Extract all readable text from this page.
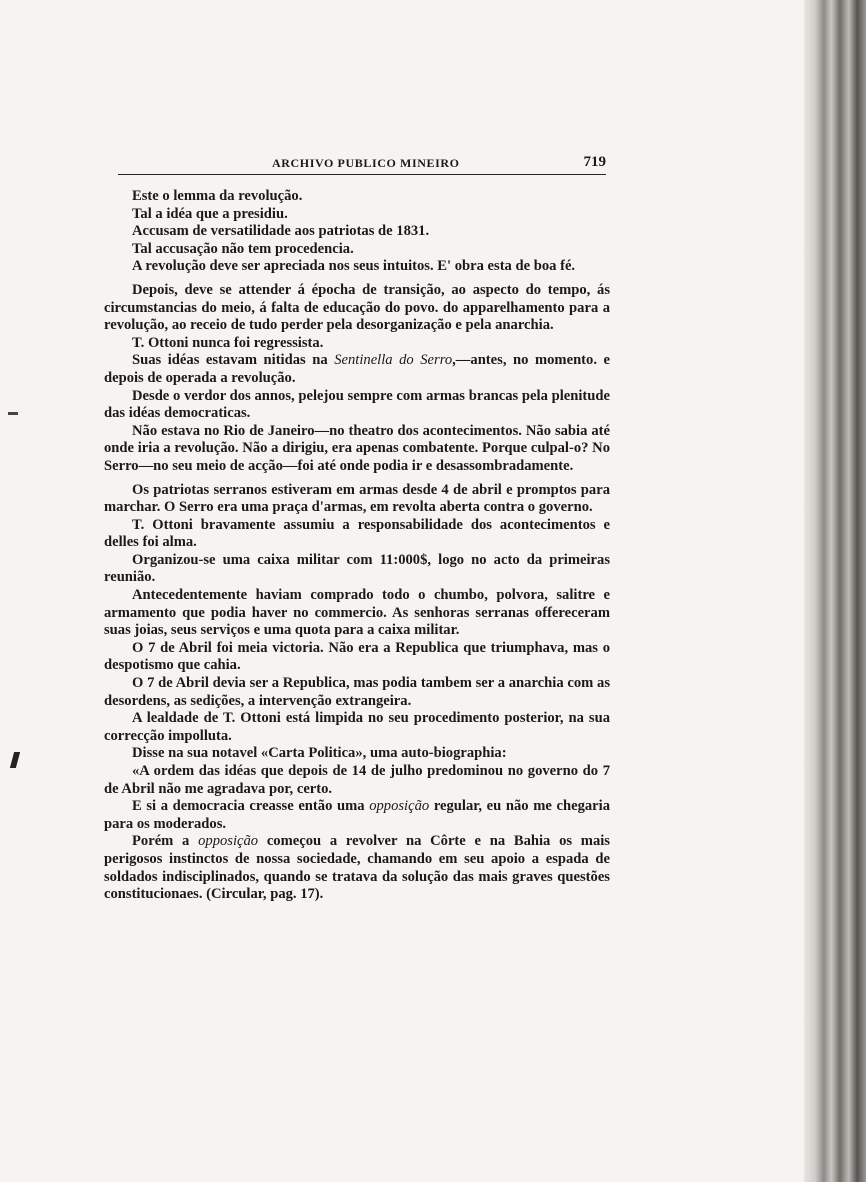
ARCHIVO PUBLICO MINEIRO	719

Este o lemma da revolução.

Tal a idéa que a presidiu.

Accusam de versatilidade aos patriotas de 1831.

Tal accusação não tem procedencia.

A revolução deve ser apreciada nos seus intuitos. E' obra esta de boa fé.

Depois, deve se attender á épocha de transição, ao aspecto do tempo, ás circumstancias do meio, á falta de educação do povo. do apparelhamento para a revolução, ao receio de tudo perder pela desorganização e pela anarchia.

T. Ottoni nunca foi regressista.

Suas idéas estavam nitidas na Sentinella do Serro,—antes, no momento. e depois de operada a revolução.

Desde o verdor dos annos, pelejou sempre com armas brancas pela plenitude das idéas democraticas.

Não estava no Rio de Janeiro—no theatro dos acontecimentos. Não sabia até onde iria a revolução. Não a dirigiu, era apenas combatente. Porque culpal-o? No Serro—no seu meio de acção—foi até onde podia ir e desassombradamente.

Os patriotas serranos estiveram em armas desde 4 de abril e promptos para marchar. O Serro era uma praça d'armas, em revolta aberta contra o governo.

T. Ottoni bravamente assumiu a responsabilidade dos acontecimentos e delles foi alma.

Organizou-se uma caixa militar com 11:000$, logo no acto da primeiras reunião.

Antecedentemente haviam comprado todo o chumbo, polvora, salitre e armamento que podia haver no commercio. As senhoras serranas offereceram suas joias, seus serviços e uma quota para a caixa militar.

O 7 de Abril foi meia victoria. Não era a Republica que triumphava, mas o despotismo que cahia.

O 7 de Abril devia ser a Republica, mas podia tambem ser a anarchia com as desordens, as sedições, a intervenção extrangeira.

A lealdade de T. Ottoni está limpida no seu procedimento posterior, na sua correcção impolluta.

Disse na sua notavel «Carta Politica», uma auto-biographia:

«A ordem das idéas que depois de 14 de julho predominou no governo do 7 de Abril não me agradava por, certo.

E si a democracia creasse então uma opposição regular, eu não me chegaria para os moderados.

Porém a opposição começou a revolver na Côrte e na Bahia os mais perigosos instinctos de nossa sociedade, chamando em seu apoio a espada de soldados indisciplinados, quando se tratava da solução das mais graves questões constitucionaes. (Circular, pag. 17).
